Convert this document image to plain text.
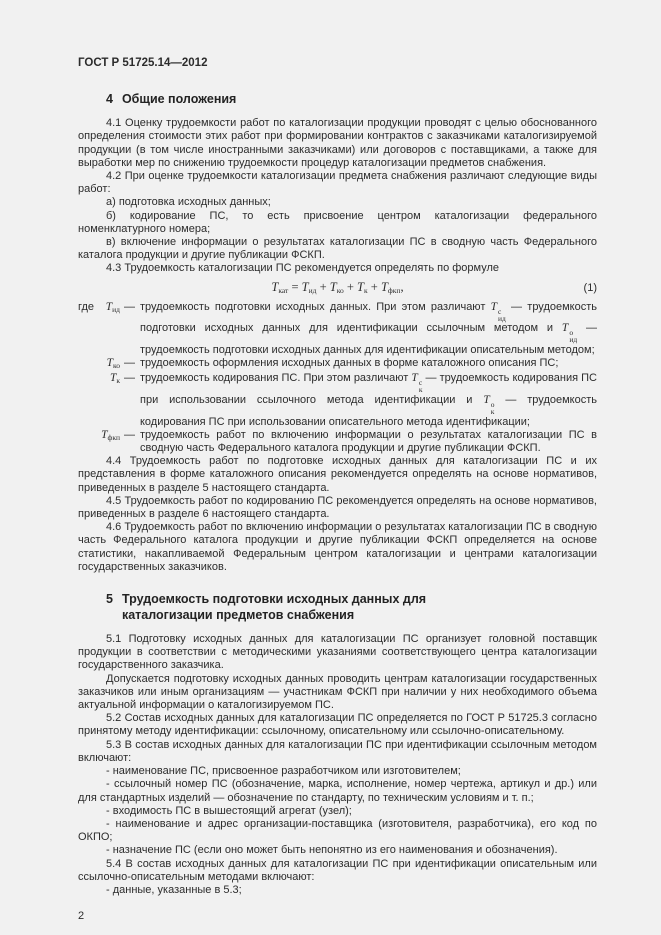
ГОСТ Р 51725.14—2012
4 Общие положения

4.1 Оценку трудоемкости работ по каталогизации продукции проводят с целью обоснованного определения стоимости этих работ при формировании контрактов с заказчиками каталогизируемой продукции (в том числе иностранными заказчиками) или договоров с поставщиками, а также для выработки мер по снижению трудоемкости процедур каталогизации предметов снабжения.

4.2 При оценке трудоемкости каталогизации предмета снабжения различают следующие виды работ:

а) подготовка исходных данных;

б) кодирование ПС, то есть присвоение центром каталогизации федерального номенклатурного номера;

в) включение информации о результатах каталогизации ПС в сводную часть Федерального каталога продукции и другие публикации ФСКП.

4.3 Трудоемкость каталогизации ПС рекомендуется определять по формуле

$Т_{кат} = Т_{ид} + Т_{ко} + Т_к + Т_{фкп}$,	(1)
где	$Т_{ид}$ — трудоемкость подготовки исходных данных. При этом различают Т с
ид
— трудоемкость подготовки исходных данных для идентификации ссылочным методом и Т о
ид
— трудоемкость подготовки исходных данных для идентификации описательным методом;
$Т_{ко}$ — трудоемкость оформления исходных данных в форме каталожного описания ПС;
$Т_к$ — трудоемкость кодирования ПС. При этом различают Т с
к
— трудоемкость кодирования ПС при использовании ссылочного метода идентификации и Т о
к
— трудоемкость кодирования ПС при использовании описательного метода идентификации;
$Т_{фкп}$ — трудоемкость работ по включению информации о результатах каталогизации ПС в сводную часть Федерального каталога продукции и другие публикации ФСКП.

4.4 Трудоемкость работ по подготовке исходных данных для каталогизации ПС и их представления в форме каталожного описания рекомендуется определять на основе нормативов, приведенных в разделе 5 настоящего стандарта.

4.5 Трудоемкость работ по кодированию ПС рекомендуется определять на основе нормативов, приведенных в разделе 6 настоящего стандарта.

4.6 Трудоемкость работ по включению информации о результатах каталогизации ПС в сводную часть Федерального каталога продукции и другие публикации ФСКП определяется на основе статистики, накапливаемой Федеральным центром каталогизации и центрами каталогизации государственных заказчиков.

5 Трудоемкость подготовки исходных данных для каталогизации предметов снабжения

5.1 Подготовку исходных данных для каталогизации ПС организует головной поставщик продукции в соответствии с методическими указаниями соответствующего центра каталогизации государственного заказчика.

Допускается подготовку исходных данных проводить центрам каталогизации государственных заказчиков или иным организациям — участникам ФСКП при наличии у них необходимого объема актуальной информации о каталогизируемом ПС.

5.2 Состав исходных данных для каталогизации ПС определяется по ГОСТ Р 51725.3 согласно принятому методу идентификации: ссылочному, описательному или ссылочно-описательному.

5.3 В состав исходных данных для каталогизации ПС при идентификации ссылочным методом включают:

- наименование ПС, присвоенное разработчиком или изготовителем;

- ссылочный номер ПС (обозначение, марка, исполнение, номер чертежа, артикул и др.) или для стандартных изделий — обозначение по стандарту, по техническим условиям и т. п.;

- входимость ПС в вышестоящий агрегат (узел);

- наименование и адрес организации-поставщика (изготовителя, разработчика), его код по ОКПО;

- назначение ПС (если оно может быть непонятно из его наименования и обозначения).

5.4 В состав исходных данных для каталогизации ПС при идентификации описательным или ссылочно-описательным методами включают:

- данные, указанные в 5.3;

2
